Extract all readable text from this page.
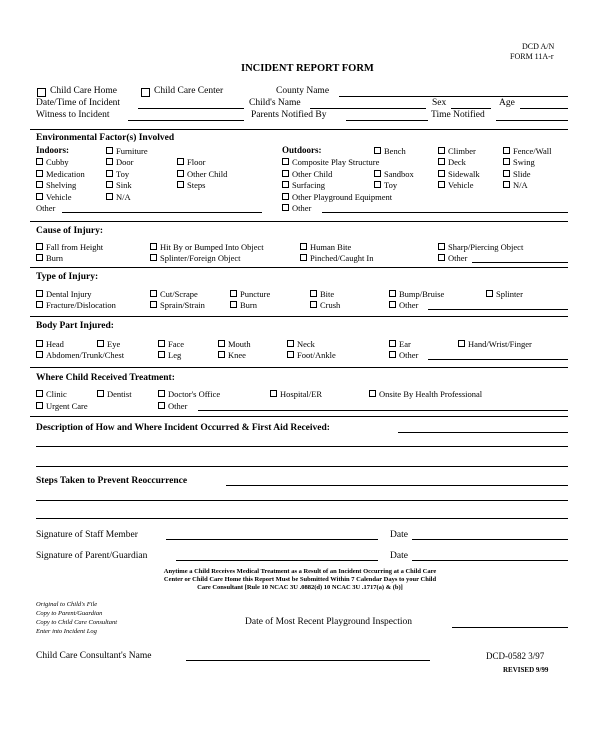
DCD A/N
FORM 11A-r
INCIDENT REPORT FORM
Child Care Home	Child Care Center	County Name
Date/Time of Incident	Child's Name	Sex	Age
Witness to Incident	Parents Notified By	Time Notified
Environmental Factor(s) Involved
Indoors:	Furniture
Cubby	Door	Floor
Medication	Toy	Other Child
Shelving	Sink	Steps
Vehicle	N/A
Other
Outdoors:	Bench	Climber	Fence/Wall
Composite Play Structure	Deck	Swing
Other Child	Sandbox	Sidewalk	Slide
Surfacing	Toy	Vehicle	N/A
Other Playground Equipment
Other
Cause of Injury:
Fall from Height	Hit By or Bumped Into Object	Human Bite	Sharp/Piercing Object
Burn	Splinter/Foreign Object	Pinched/Caught In	Other
Type of Injury:
Dental Injury	Cut/Scrape	Puncture	Bite	Bump/Bruise	Splinter
Fracture/Dislocation	Sprain/Strain	Burn	Crush	Other
Body Part Injured:
Head	Eye	Face	Mouth	Neck	Ear	Hand/Wrist/Finger
Abdomen/Trunk/Chest	Leg	Knee	Foot/Ankle	Other
Where Child Received Treatment:
Clinic	Dentist	Doctor's Office	Hospital/ER	Onsite By Health Professional
Urgent Care	Other
Description of How and Where Incident Occurred & First Aid Received:
Steps Taken to Prevent Reoccurrence
Signature of Staff Member	Date
Signature of Parent/Guardian	Date
Anytime a Child Receives Medical Treatment as a Result of an Incident Occurring at a Child Care
Center or Child Care Home this Report Must be Submitted Within 7 Calendar Days to your Child
Care Consultant [Rule 10 NCAC 3U .0882(d) 10 NCAC 3U .1717(a) & (b)]
Original to Child's File
Copy to Parent/Guardian
Copy to Child Care Consultant
Enter into Incident Log
Date of Most Recent Playground Inspection
Child Care Consultant's Name	DCD-0582 3/97
REVISED 9/99
